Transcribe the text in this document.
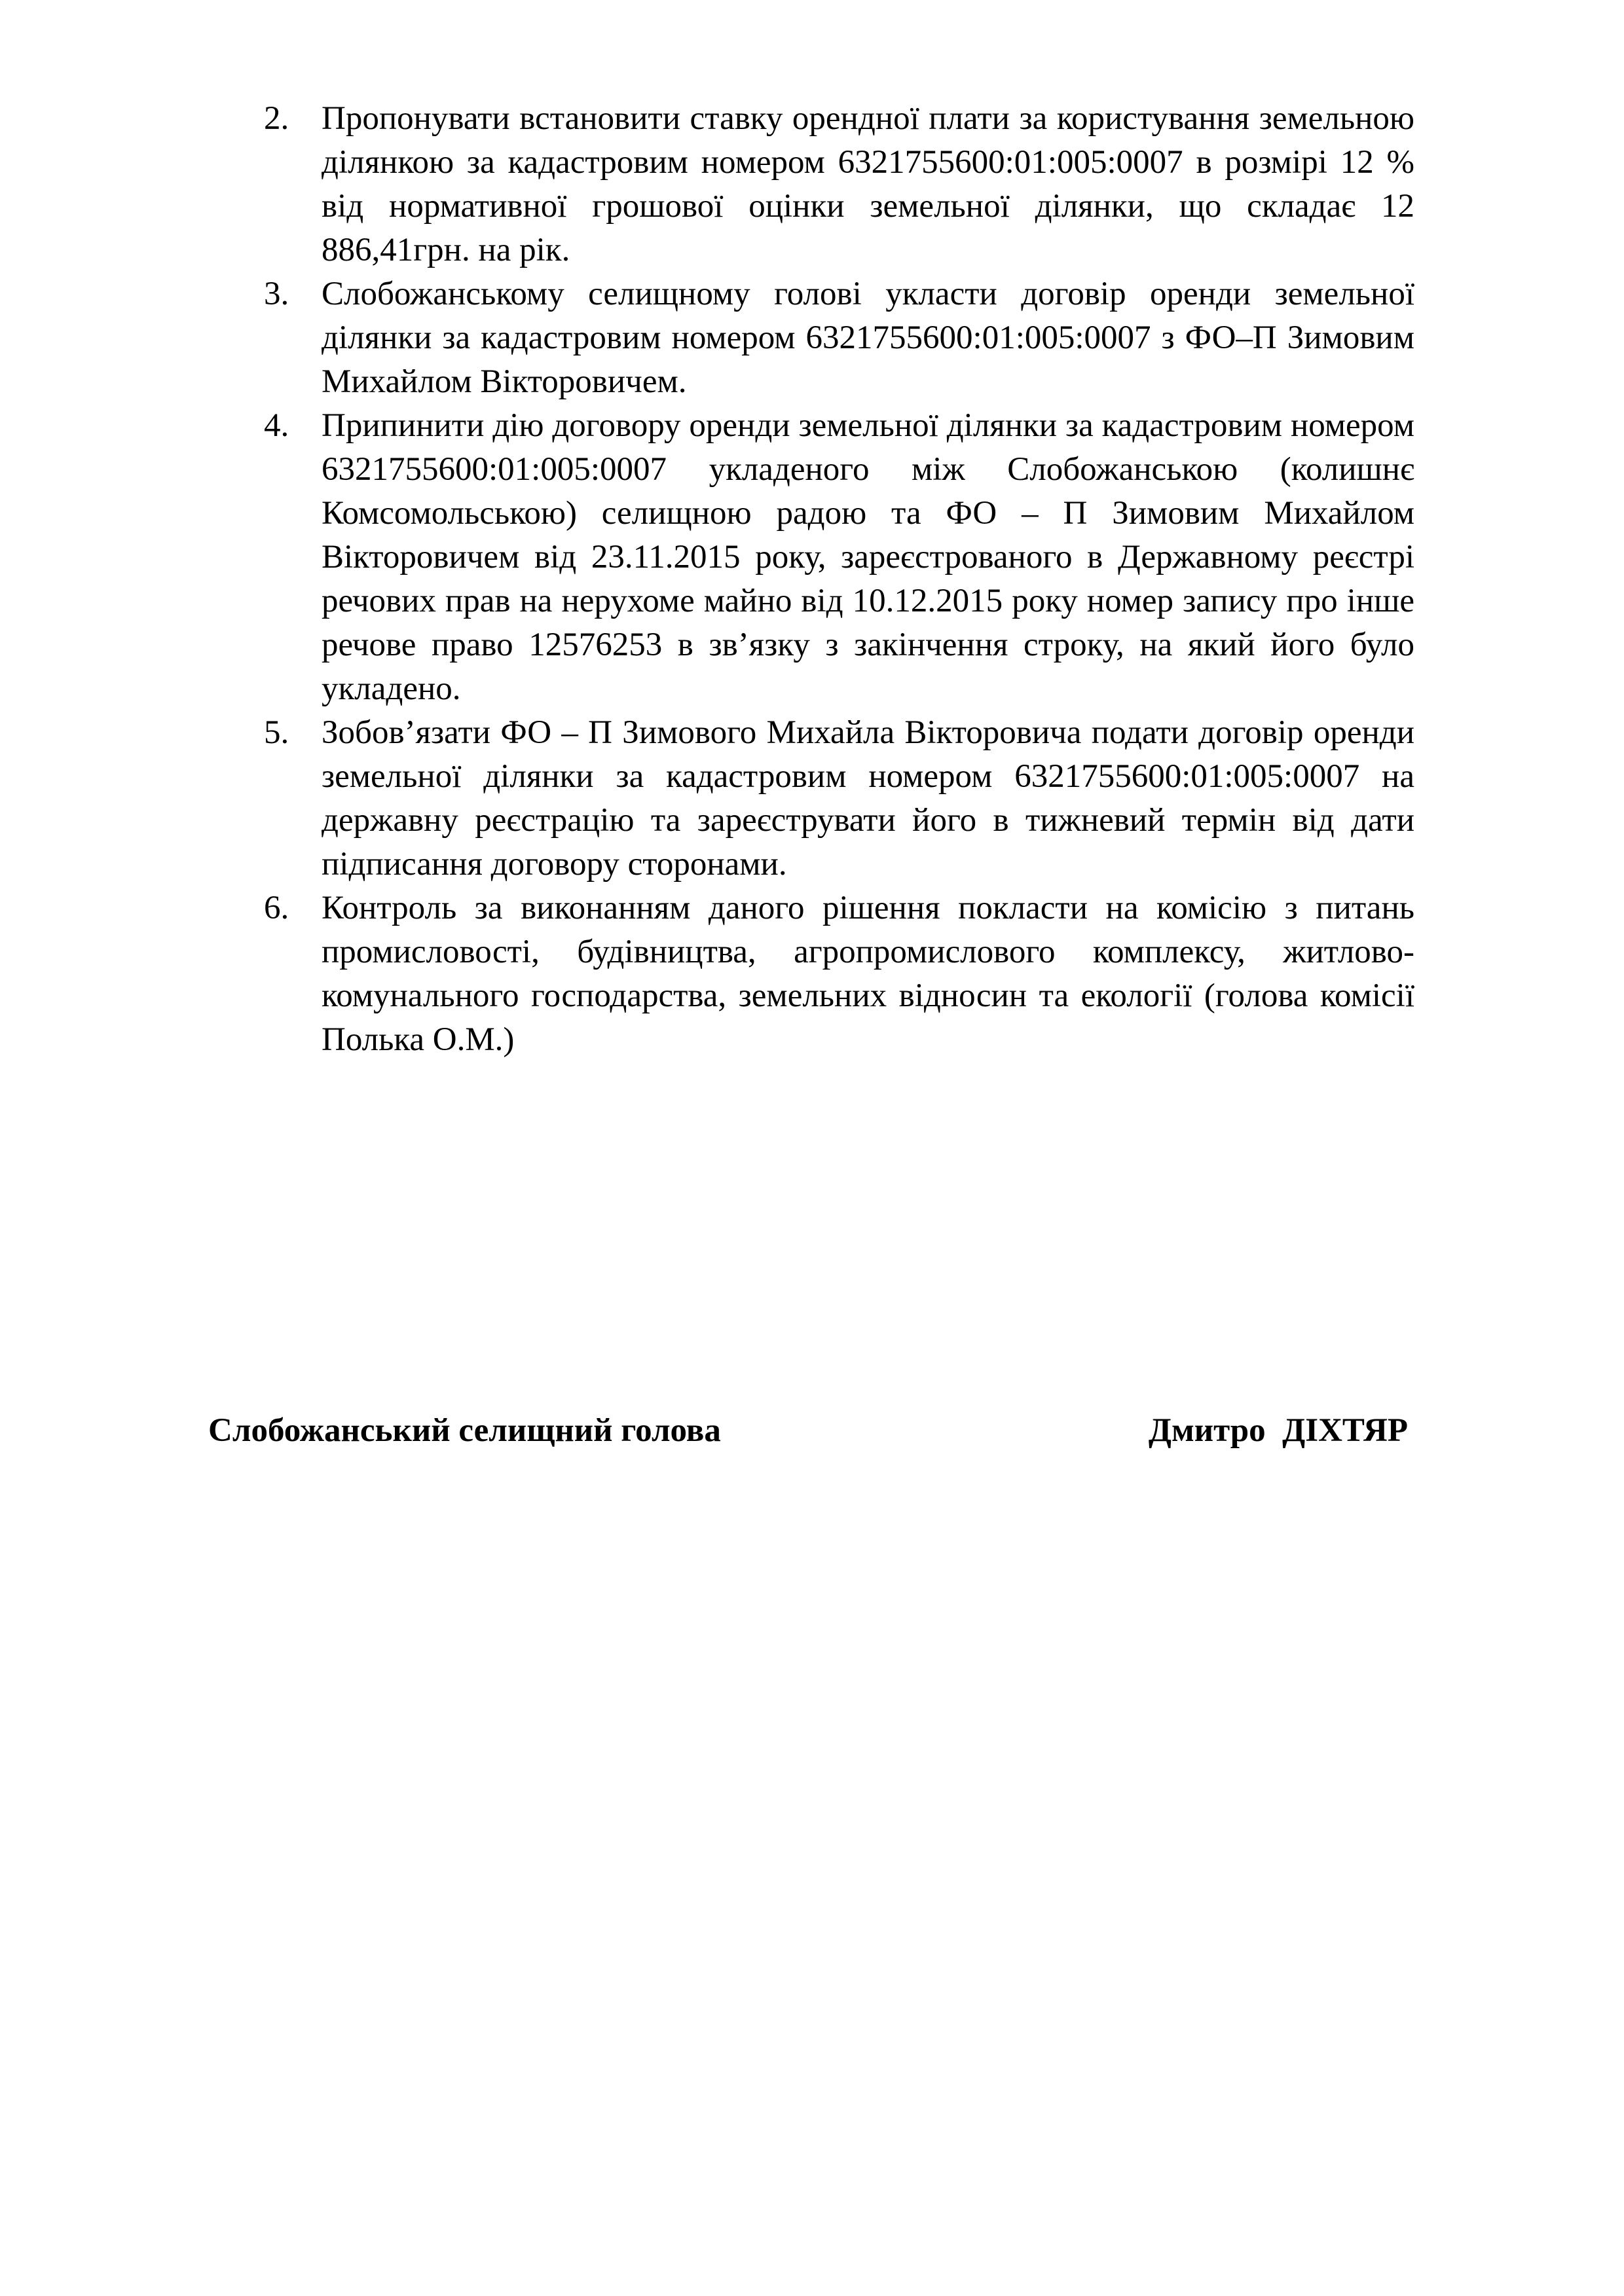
2. Пропонувати встановити ставку орендної плати за користування земельною ділянкою за кадастровим номером 6321755600:01:005:0007 в розмірі 12 % від нормативної грошової оцінки земельної ділянки, що складає 12 886,41грн. на рік.
3. Слобожанському селищному голові укласти договір оренди земельної ділянки за кадастровим номером 6321755600:01:005:0007 з ФО–П Зимовим Михайлом Вікторовичем.
4. Припинити дію договору оренди земельної ділянки за кадастровим номером 6321755600:01:005:0007 укладеного між Слобожанською (колишнє Комсомольською) селищною радою та ФО – П Зимовим Михайлом Вікторовичем від 23.11.2015 року, зареєстрованого в Державному реєстрі речових прав на нерухоме майно від 10.12.2015 року номер запису про інше речове право 12576253 в зв’язку з закінчення строку, на який його було укладено.
5. Зобов’язати ФО – П Зимового Михайла Вікторовича подати договір оренди земельної ділянки за кадастровим номером 6321755600:01:005:0007 на державну реєстрацію та зареєструвати його в тижневий термін від дати підписання договору сторонами.
6. Контроль за виконанням даного рішення покласти на комісію з питань промисловості, будівництва, агропромислового комплексу, житлово-комунального господарства, земельних відносин та екології (голова комісії Полька О.М.)
Слобожанський селищний голова	Дмитро  ДІХТЯР
